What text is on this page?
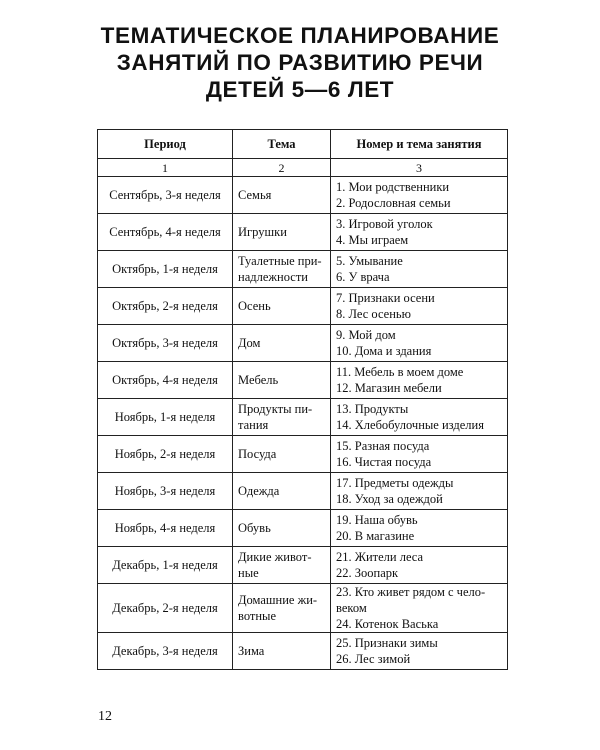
ТЕМАТИЧЕСКОЕ ПЛАНИРОВАНИЕ
ЗАНЯТИЙ ПО РАЗВИТИЮ РЕЧИ
ДЕТЕЙ 5—6 ЛЕТ
Период	Тема	Номер и тема занятия
1	2	3
Сентябрь, 3-я неделя	Семья	1. Мои родственники
2. Родословная семьи

Сентябрь, 4-я неделя	Игрушки	3. Игровой уголок
4. Мы играем

Октябрь, 1-я неделя	Туалетные при-
надлежности	5. Умывание
6. У врача

Октябрь, 2-я неделя	Осень	7. Признаки осени
8. Лес осенью

Октябрь, 3-я неделя	Дом	9. Мой дом
10. Дома и здания

Октябрь, 4-я неделя	Мебель	11. Мебель в моем доме
12. Магазин мебели

Ноябрь, 1-я неделя	Продукты пи-
тания	13. Продукты
14. Хлебобулочные изделия

Ноябрь, 2-я неделя	Посуда	15. Разная посуда
16. Чистая посуда

Ноябрь, 3-я неделя	Одежда	17. Предметы одежды
18. Уход за одеждой

Ноябрь, 4-я неделя	Обувь	19. Наша обувь
20. В магазине

Декабрь, 1-я неделя	Дикие живот-
ные	21. Жители леса
22. Зоопарк

Декабрь, 2-я неделя	Домашние жи-
вотные	23. Кто живет рядом с чело-
веком
24. Котенок Васька

Декабрь, 3-я неделя	Зима	25. Признаки зимы
26. Лес зимой
12
